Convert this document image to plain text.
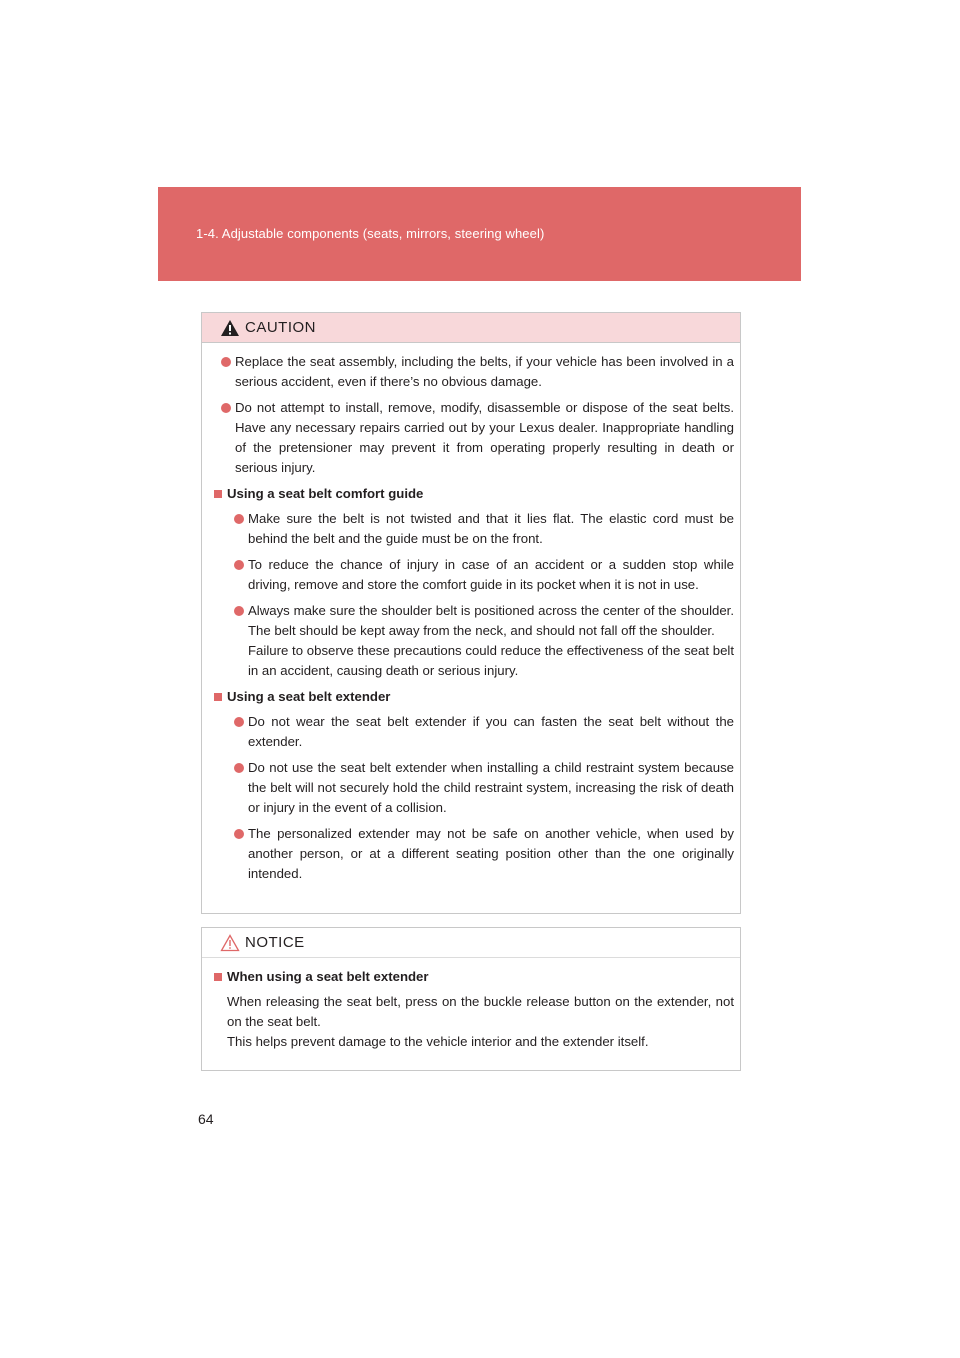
1-4. Adjustable components (seats, mirrors, steering wheel)
CAUTION
Replace the seat assembly, including the belts, if your vehicle has been involved in a serious accident, even if there’s no obvious damage.
Do not attempt to install, remove, modify, disassemble or dispose of the seat belts. Have any necessary repairs carried out by your Lexus dealer. Inappropriate handling of the pretensioner may prevent it from operating properly resulting in death or serious injury.
Using a seat belt comfort guide
Make sure the belt is not twisted and that it lies flat. The elastic cord must be behind the belt and the guide must be on the front.
To reduce the chance of injury in case of an accident or a sudden stop while driving, remove and store the comfort guide in its pocket when it is not in use.
Always make sure the shoulder belt is positioned across the center of the shoulder. The belt should be kept away from the neck, and should not fall off the shoulder.
Failure to observe these precautions could reduce the effectiveness of the seat belt in an accident, causing death or serious injury.
Using a seat belt extender
Do not wear the seat belt extender if you can fasten the seat belt without the extender.
Do not use the seat belt extender when installing a child restraint system because the belt will not securely hold the child restraint system, increasing the risk of death or injury in the event of a collision.
The personalized extender may not be safe on another vehicle, when used by another person, or at a different seating position other than the one originally intended.
NOTICE
When using a seat belt extender
When releasing the seat belt, press on the buckle release button on the extender, not on the seat belt.
This helps prevent damage to the vehicle interior and the extender itself.
64
